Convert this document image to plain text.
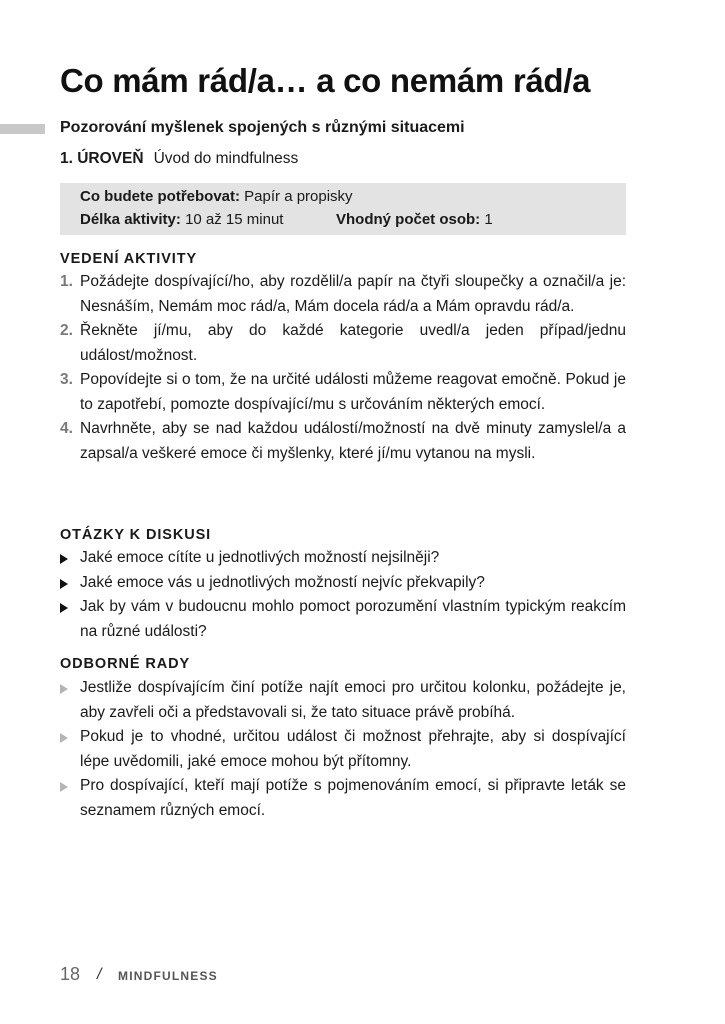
Co mám rád/a… a co nemám rád/a
Pozorování myšlenek spojených s různými situacemi
1. ÚROVEŇ Úvod do mindfulness
Co budete potřebovat: Papír a propisky
Délka aktivity: 10 až 15 minut	Vhodný počet osob: 1
VEDENÍ AKTIVITY
1. Požádejte dospívající/ho, aby rozdělil/a papír na čtyři sloupečky a označil/a je: Nesnáším, Nemám moc rád/a, Mám docela rád/a a Mám opravdu rád/a.
2. Řekněte jí/mu, aby do každé kategorie uvedl/a jeden případ/jednu událost/možnost.
3. Popovídejte si o tom, že na určité události můžeme reagovat emočně. Pokud je to zapotřebí, pomozte dospívající/mu s určováním některých emocí.
4. Navrhněte, aby se nad každou událostí/možností na dvě minuty zamyslel/a a zapsal/a veškeré emoce či myšlenky, které jí/mu vytanou na mysli.
OTÁZKY K DISKUSI
Jaké emoce cítíte u jednotlivých možností nejsilněji?
Jaké emoce vás u jednotlivých možností nejvíc překvapily?
Jak by vám v budoucnu mohlo pomoct porozumění vlastním typickým reakcím na různé události?
ODBORNÉ RADY
Jestliže dospívajícím činí potíže najít emoci pro určitou kolonku, požádejte je, aby zavřeli oči a představovali si, že tato situace právě probíhá.
Pokud je to vhodné, určitou událost či možnost přehrajte, aby si dospívající lépe uvědomili, jaké emoce mohou být přítomny.
Pro dospívající, kteří mají potíže s pojmenováním emocí, si připravte leták se seznamem různých emocí.
18 / MINDFULNESS
